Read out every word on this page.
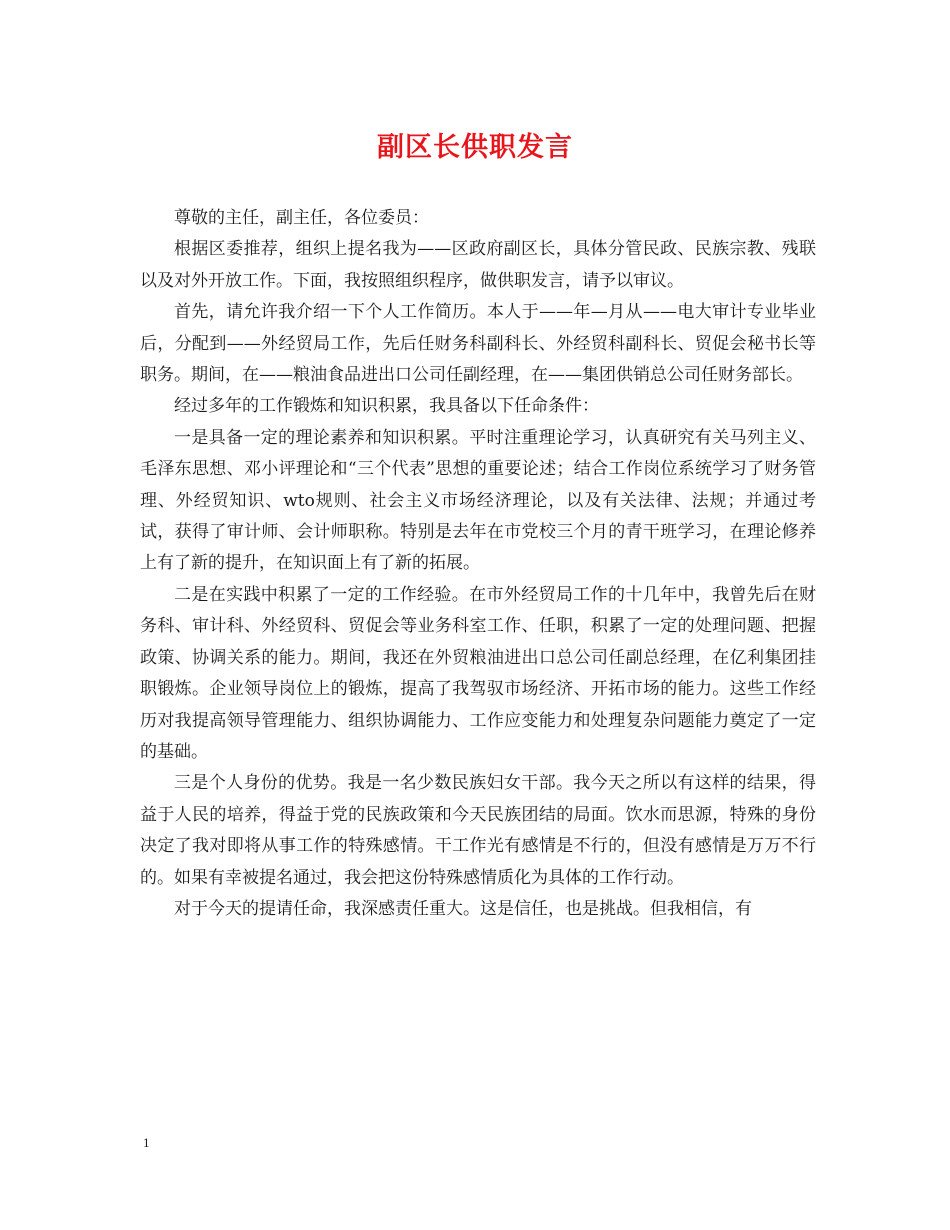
副区长供职发言

尊敬的主任，副主任，各位委员：

根据区委推荐，组织上提名我为——区政府副区长，具体分管民政、民族宗教、残联以及对外开放工作。下面，我按照组织程序，做供职发言，请予以审议。

首先，请允许我介绍一下个人工作简历。本人于——年—月从——电大审计专业毕业后，分配到——外经贸局工作，先后任财务科副科长、外经贸科副科长、贸促会秘书长等职务。期间，在——粮油食品进出口公司任副经理，在——集团供销总公司任财务部长。

经过多年的工作锻炼和知识积累，我具备以下任命条件：

一是具备一定的理论素养和知识积累。平时注重理论学习，认真研究有关马列主义、毛泽东思想、邓小评理论和“三个代表”思想的重要论述；结合工作岗位系统学习了财务管理、外经贸知识、wto规则、社会主义市场经济理论，以及有关法律、法规；并通过考试，获得了审计师、会计师职称。特别是去年在市党校三个月的青干班学习，在理论修养上有了新的提升，在知识面上有了新的拓展。

二是在实践中积累了一定的工作经验。在市外经贸局工作的十几年中，我曾先后在财务科、审计科、外经贸科、贸促会等业务科室工作、任职，积累了一定的处理问题、把握政策、协调关系的能力。期间，我还在外贸粮油进出口总公司任副总经理，在亿利集团挂职锻炼。企业领导岗位上的锻炼，提高了我驾驭市场经济、开拓市场的能力。这些工作经历对我提高领导管理能力、组织协调能力、工作应变能力和处理复杂问题能力奠定了一定的基础。

三是个人身份的优势。我是一名少数民族妇女干部。我今天之所以有这样的结果，得益于人民的培养，得益于党的民族政策和今天民族团结的局面。饮水而思源，特殊的身份决定了我对即将从事工作的特殊感情。干工作光有感情是不行的，但没有感情是万万不行的。如果有幸被提名通过，我会把这份特殊感情质化为具体的工作行动。

对于今天的提请任命，我深感责任重大。这是信任，也是挑战。但我相信，有

1
